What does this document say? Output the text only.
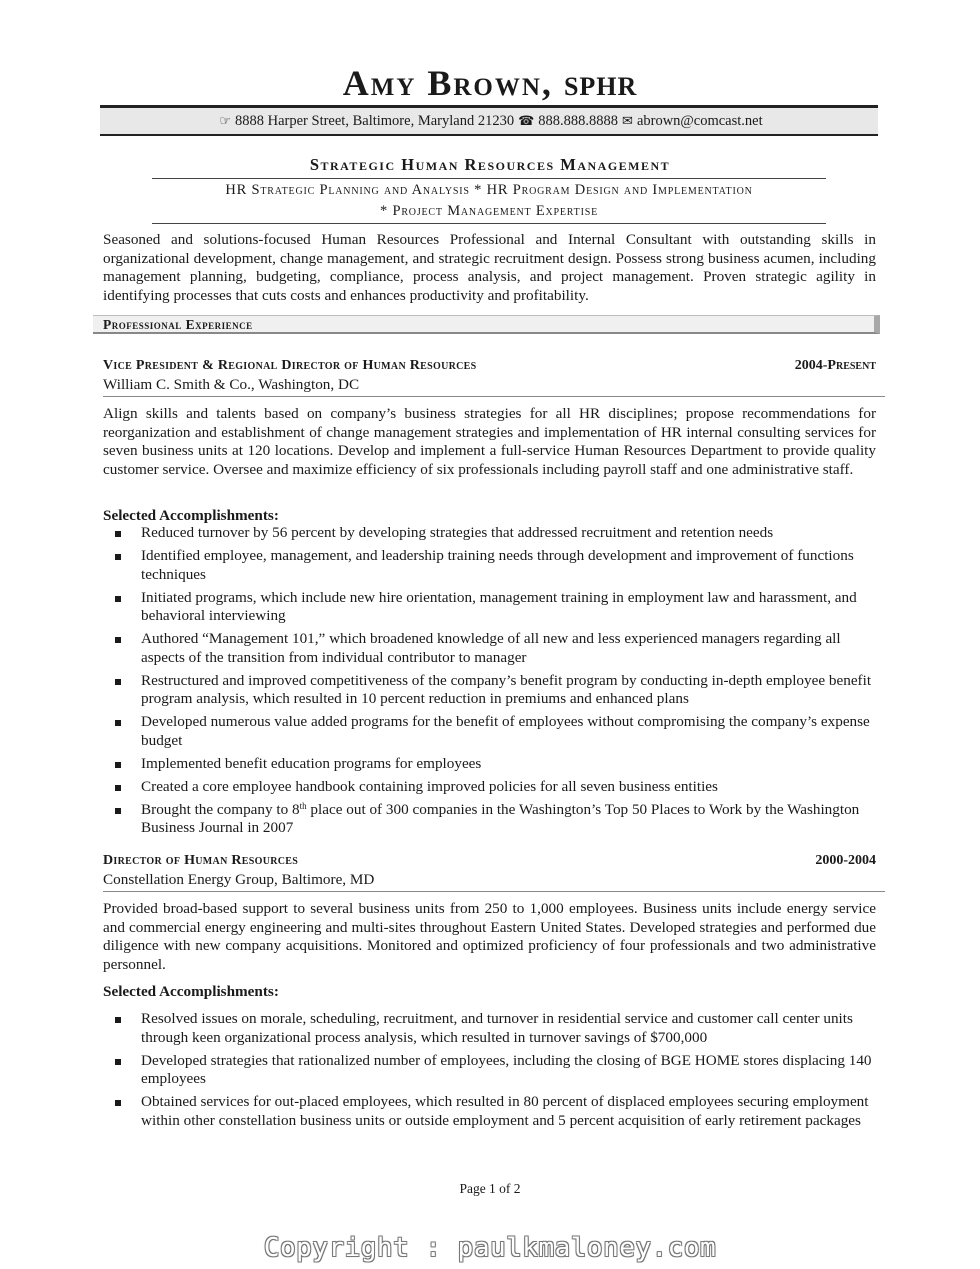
Amy Brown, SPHR
☞ 8888 Harper Street, Baltimore, Maryland 21230 ☎ 888.888.8888 ✉ abrown@comcast.net
Strategic Human Resources Management
HR Strategic Planning and Analysis * HR Program Design and Implementation
* Project Management Expertise
Seasoned and solutions-focused Human Resources Professional and Internal Consultant with outstanding skills in organizational development, change management, and strategic recruitment design. Possess strong business acumen, including management planning, budgeting, compliance, process analysis, and project management. Proven strategic agility in identifying processes that cuts costs and enhances productivity and profitability.
Professional Experience
Vice President & Regional Director of Human Resources	2004-Present
William C. Smith & Co., Washington, DC
Align skills and talents based on company’s business strategies for all HR disciplines; propose recommendations for reorganization and establishment of change management strategies and implementation of HR internal consulting services for seven business units at 120 locations. Develop and implement a full-service Human Resources Department to provide quality customer service. Oversee and maximize efficiency of six professionals including payroll staff and one administrative staff.
Selected Accomplishments:
Reduced turnover by 56 percent by developing strategies that addressed recruitment and retention needs
Identified employee, management, and leadership training needs through development and improvement of functions techniques
Initiated programs, which include new hire orientation, management training in employment law and harassment, and behavioral interviewing
Authored “Management 101,” which broadened knowledge of all new and less experienced managers regarding all aspects of the transition from individual contributor to manager
Restructured and improved competitiveness of the company’s benefit program by conducting in-depth employee benefit program analysis, which resulted in 10 percent reduction in premiums and enhanced plans
Developed numerous value added programs for the benefit of employees without compromising the company’s expense budget
Implemented benefit education programs for employees
Created a core employee handbook containing improved policies for all seven business entities
Brought the company to 8th place out of 300 companies in the Washington’s Top 50 Places to Work by the Washington Business Journal in 2007
Director of Human Resources	2000-2004
Constellation Energy Group, Baltimore, MD
Provided broad-based support to several business units from 250 to 1,000 employees. Business units include energy service and commercial energy engineering and multi-sites throughout Eastern United States. Developed strategies and performed due diligence with new company acquisitions. Monitored and optimized proficiency of four professionals and two administrative personnel.
Selected Accomplishments:
Resolved issues on morale, scheduling, recruitment, and turnover in residential service and customer call center units through keen organizational process analysis, which resulted in turnover savings of $700,000
Developed strategies that rationalized number of employees, including the closing of BGE HOME stores displacing 140 employees
Obtained services for out-placed employees, which resulted in 80 percent of displaced employees securing employment within other constellation business units or outside employment and 5 percent acquisition of early retirement packages
Page 1 of 2
Copyright : paulkmaloney.com
